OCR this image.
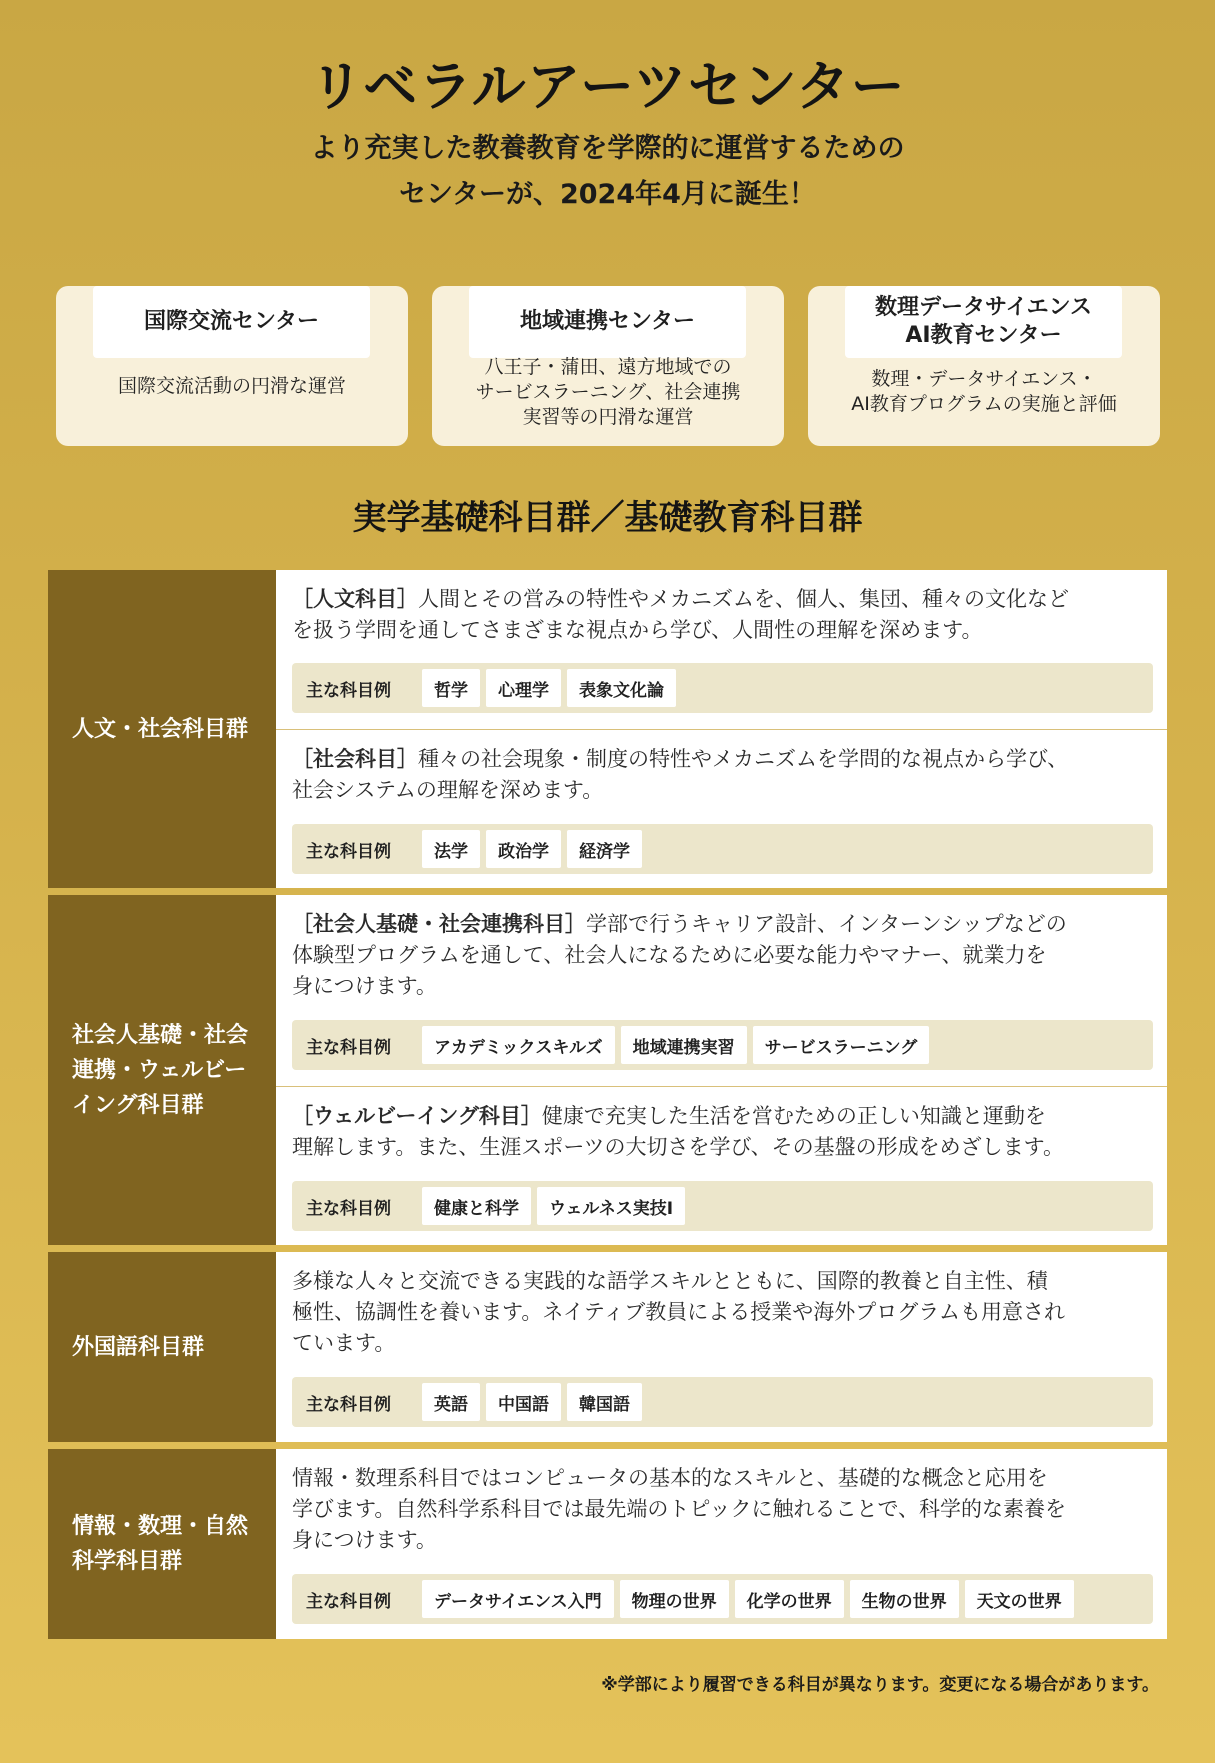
リベラルアーツセンター
より充実した教養教育を学際的に運営するための
センターが、2024年4月に誕生！
国際交流センター
国際交流活動の円滑な運営
地域連携センター
八王子・蒲田、遠方地域での
サービスラーニング、社会連携
実習等の円滑な運営
数理データサイエンス
AI教育センター
数理・データサイエンス・
AI教育プログラムの実施と評価
実学基礎科目群／基礎教育科目群
人文・社会科目群
［人文科目］人間とその営みの特性やメカニズムを、個人、集団、種々の文化など
を扱う学問を通してさまざまな視点から学び、人間性の理解を深めます。
主な科目例	哲学	心理学	表象文化論
［社会科目］種々の社会現象・制度の特性やメカニズムを学問的な視点から学び、
社会システムの理解を深めます。
主な科目例	法学	政治学	経済学
社会人基礎・社会
連携・ウェルビー
イング科目群
［社会人基礎・社会連携科目］学部で行うキャリア設計、インターンシップなどの
体験型プログラムを通して、社会人になるために必要な能力やマナー、就業力を
身につけます。
主な科目例	アカデミックスキルズ	地域連携実習	サービスラーニング
［ウェルビーイング科目］健康で充実した生活を営むための正しい知識と運動を
理解します。また、生涯スポーツの大切さを学び、その基盤の形成をめざします。
主な科目例	健康と科学	ウェルネス実技Ⅰ
外国語科目群
多様な人々と交流できる実践的な語学スキルとともに、国際的教養と自主性、積
極性、協調性を養います。ネイティブ教員による授業や海外プログラムも用意され
ています。
主な科目例	英語	中国語	韓国語
情報・数理・自然
科学科目群
情報・数理系科目ではコンピュータの基本的なスキルと、基礎的な概念と応用を
学びます。自然科学系科目では最先端のトピックに触れることで、科学的な素養を
身につけます。
主な科目例	データサイエンス入門	物理の世界	化学の世界	生物の世界	天文の世界
※学部により履習できる科目が異なります。変更になる場合があります。
